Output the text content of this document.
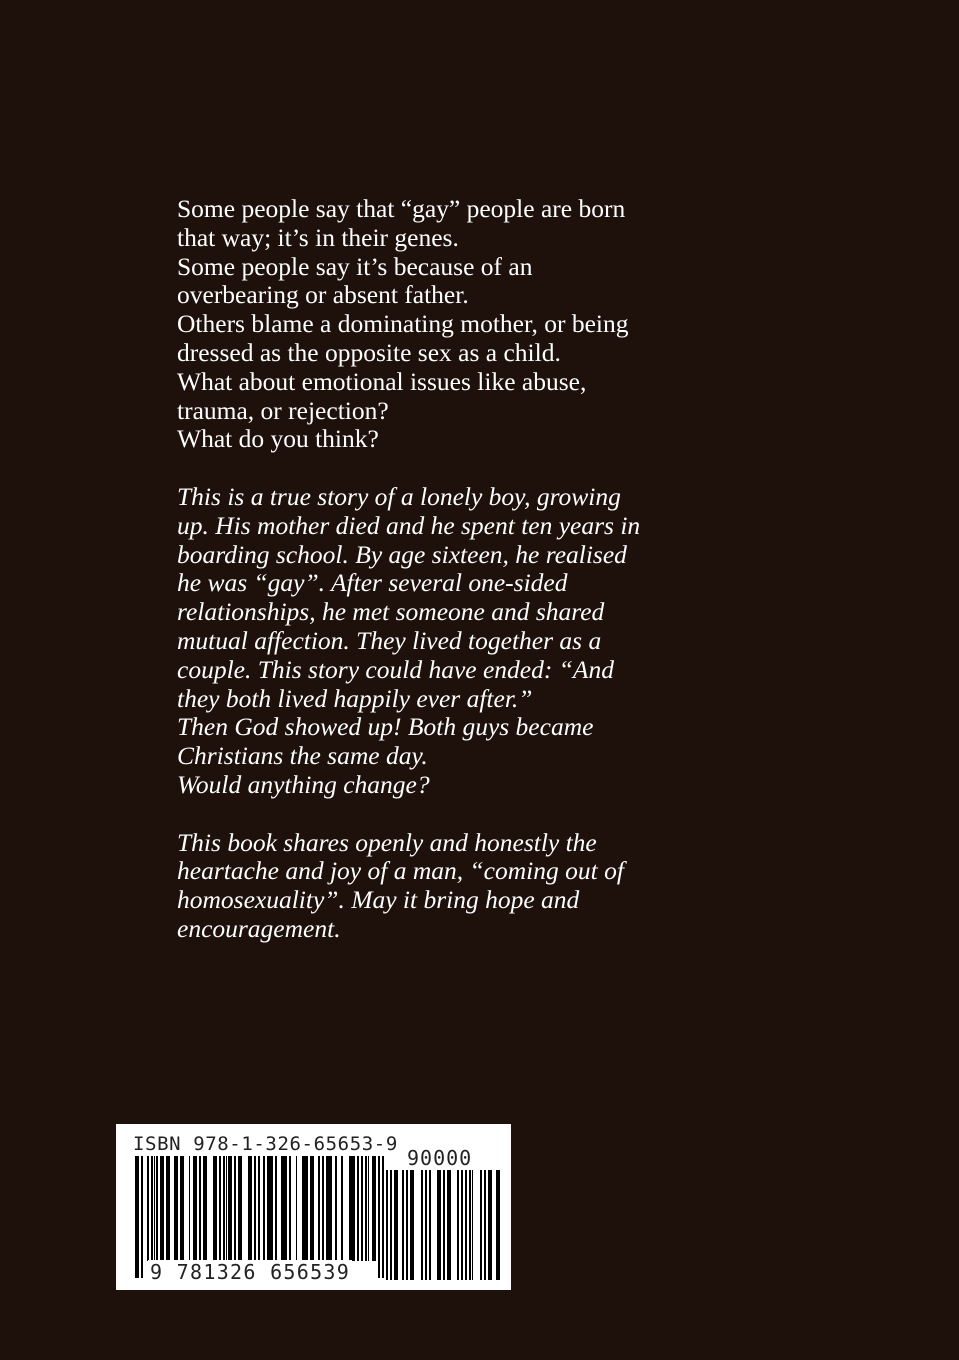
Some people say that “gay” people are born
that way; it’s in their genes.
Some people say it’s because of an
overbearing or absent father.
Others blame a dominating mother, or being
dressed as the opposite sex as a child.
What about emotional issues like abuse,
trauma, or rejection?
What do you think?

This is a true story of a lonely boy, growing
up. His mother died and he spent ten years in
boarding school. By age sixteen, he realised
he was “gay”. After several one-sided
relationships, he met someone and shared
mutual affection. They lived together as a
couple. This story could have ended: “And
they both lived happily ever after.”
Then God showed up! Both guys became
Christians the same day.
Would anything change?

This book shares openly and honestly the
heartache and joy of a man, “coming out of
homosexuality”. May it bring hope and
encouragement.

ISBN 978-1-326-65653-9
90000
9 781326 656539
